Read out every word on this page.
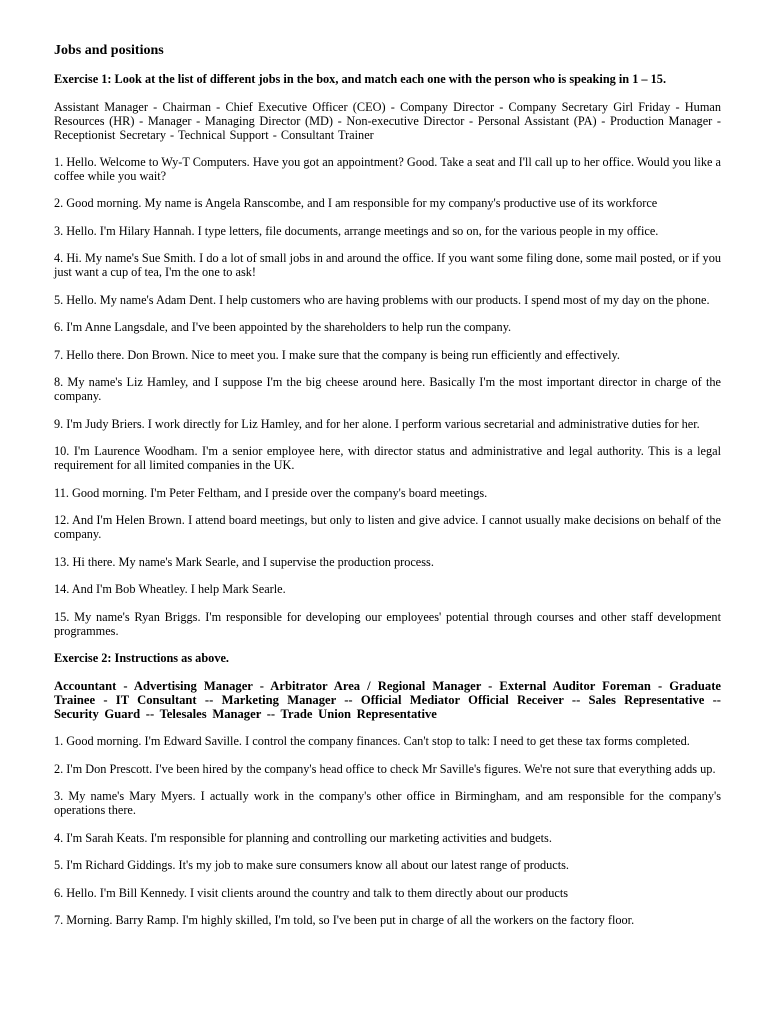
Jobs and positions
Exercise 1: Look at the list of different jobs in the box, and match each one with the person who is speaking in 1 – 15.
Assistant Manager - Chairman - Chief Executive Officer (CEO) - Company Director - Company Secretary Girl Friday - Human Resources (HR) - Manager - Managing Director (MD) - Non-executive Director - Personal Assistant (PA) - Production Manager - Receptionist Secretary - Technical Support - Consultant Trainer
1. Hello. Welcome to Wy-T Computers. Have you got an appointment? Good. Take a seat and I'll call up to her office. Would you like a coffee while you wait?
2. Good morning. My name is Angela Ranscombe, and I am responsible for my company's productive use of its workforce
3. Hello. I'm Hilary Hannah. I type letters, file documents, arrange meetings and so on, for the various people in my office.
4. Hi. My name's Sue Smith. I do a lot of small jobs in and around the office. If you want some filing done, some mail posted, or if you just want a cup of tea, I'm the one to ask!
5. Hello. My name's Adam Dent. I help customers who are having problems with our products. I spend most of my day on the phone.
6. I'm Anne Langsdale, and I've been appointed by the shareholders to help run the company.
7. Hello there. Don Brown. Nice to meet you. I make sure that the company is being run efficiently and effectively.
8. My name's Liz Hamley, and I suppose I'm the big cheese around here. Basically I'm the most important director in charge of the company.
9. I'm Judy Briers. I work directly for Liz Hamley, and for her alone. I perform various secretarial and administrative duties for her.
10. I'm Laurence Woodham. I'm a senior employee here, with director status and administrative and legal authority. This is a legal requirement for all limited companies in the UK.
11. Good morning. I'm Peter Feltham, and I preside over the company's board meetings.
12. And I'm Helen Brown. I attend board meetings, but only to listen and give advice. I cannot usually make decisions on behalf of the company.
13. Hi there. My name's Mark Searle, and I supervise the production process.
14. And I'm Bob Wheatley. I help Mark Searle.
15. My name's Ryan Briggs. I'm responsible for developing our employees' potential through courses and other staff development programmes.
Exercise 2: Instructions as above.
Accountant - Advertising Manager - Arbitrator Area / Regional Manager - External Auditor Foreman - Graduate Trainee - IT Consultant -- Marketing Manager -- Official Mediator Official Receiver -- Sales Representative -- Security Guard -- Telesales Manager -- Trade Union Representative
1. Good morning. I'm Edward Saville. I control the company finances. Can't stop to talk: I need to get these tax forms completed.
2. I'm Don Prescott. I've been hired by the company's head office to check Mr Saville's figures. We're not sure that everything adds up.
3. My name's Mary Myers. I actually work in the company's other office in Birmingham, and am responsible for the company's operations there.
4. I'm Sarah Keats. I'm responsible for planning and controlling our marketing activities and budgets.
5. I'm Richard Giddings. It's my job to make sure consumers know all about our latest range of products.
6. Hello. I'm Bill Kennedy. I visit clients around the country and talk to them directly about our products
7. Morning. Barry Ramp. I'm highly skilled, I'm told, so I've been put in charge of all the workers on the factory floor.
